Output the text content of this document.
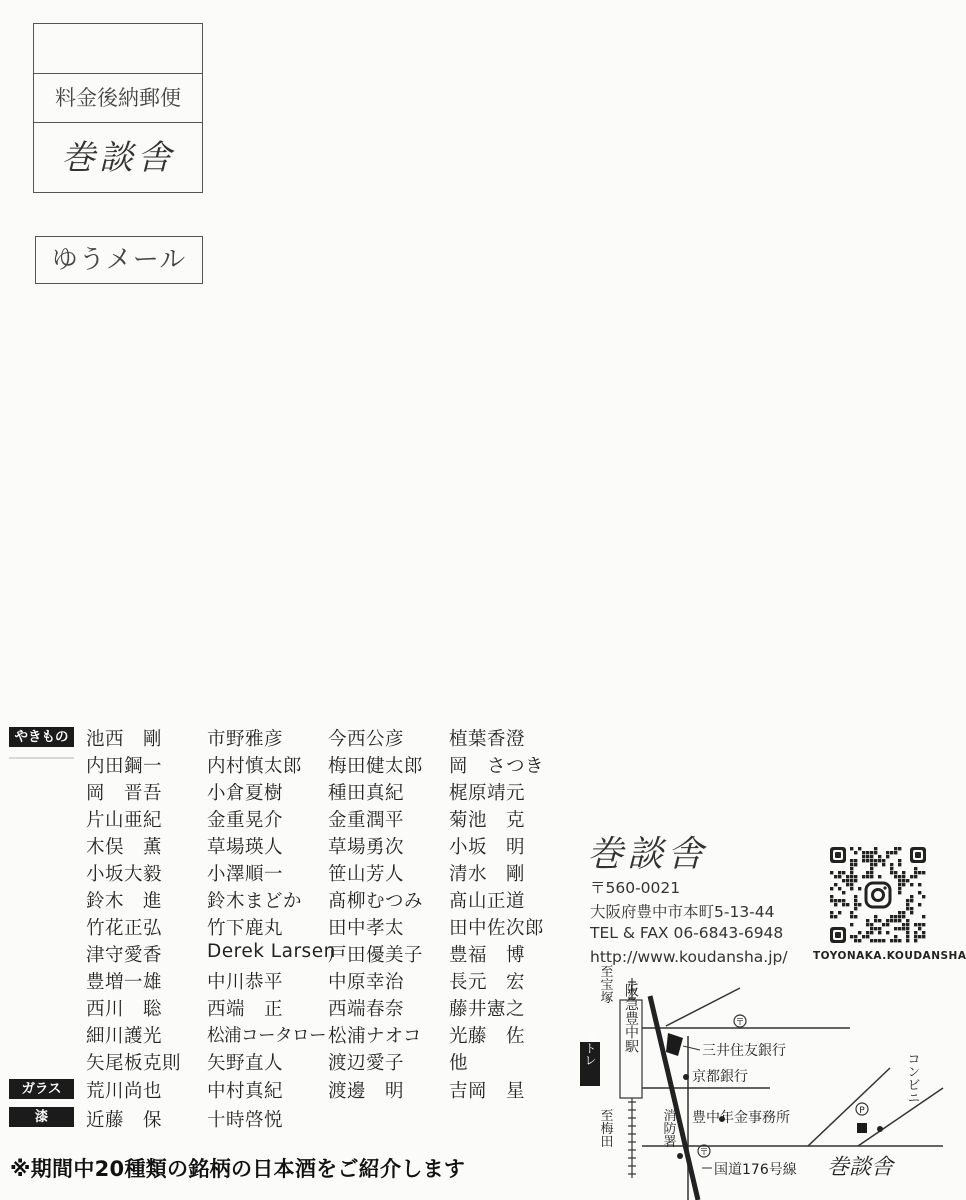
料金後納郵便
巻談舎
ゆうメール
やきもの
ガラス
漆
池西　剛 市野雅彦 今西公彦 植葉香澄
内田鋼一 内村慎太郎 梅田健太郎 岡　さつき
岡　晋吾 小倉夏樹 種田真紀 梶原靖元
片山亜紀 金重晃介 金重潤平 菊池　克
木俣　薫 草場瑛人 草場勇次 小坂　明
小坂大毅 小澤順一 笹山芳人 清水　剛
鈴木　進 鈴木まどか 髙柳むつみ 髙山正道
竹花正弘 竹下鹿丸 田中孝太 田中佐次郎
津守愛香 Derek Larsen
戸田優美子 豊福　博
豊増一雄 中川恭平 中原幸治 長元　宏
西川　聡 西端　正 西端春奈 藤井憲之
細川護光	松浦コータロー 松浦ナオコ 光藤　佐
矢尾板克則 矢野直人 渡辺愛子 他
荒川尚也 中村真紀 渡邊　明 吉岡　星
近藤　保 十時啓悦
※期間中20種類の銘柄の日本酒をご紹介します
巻談舎
〒560-0021
大阪府豊中市本町5-13-44
TEL & FAX 06-6843-6948
http://www.koudansha.jp/ TOYONAKA.KOUDANSHA
阪急豊中駅
エトレ
至宝塚
至梅田
〒
〒
P
三井住友銀行
京都銀行
豊中年金事務所
消防署
国道176号線
コンビニ
巻談舎
